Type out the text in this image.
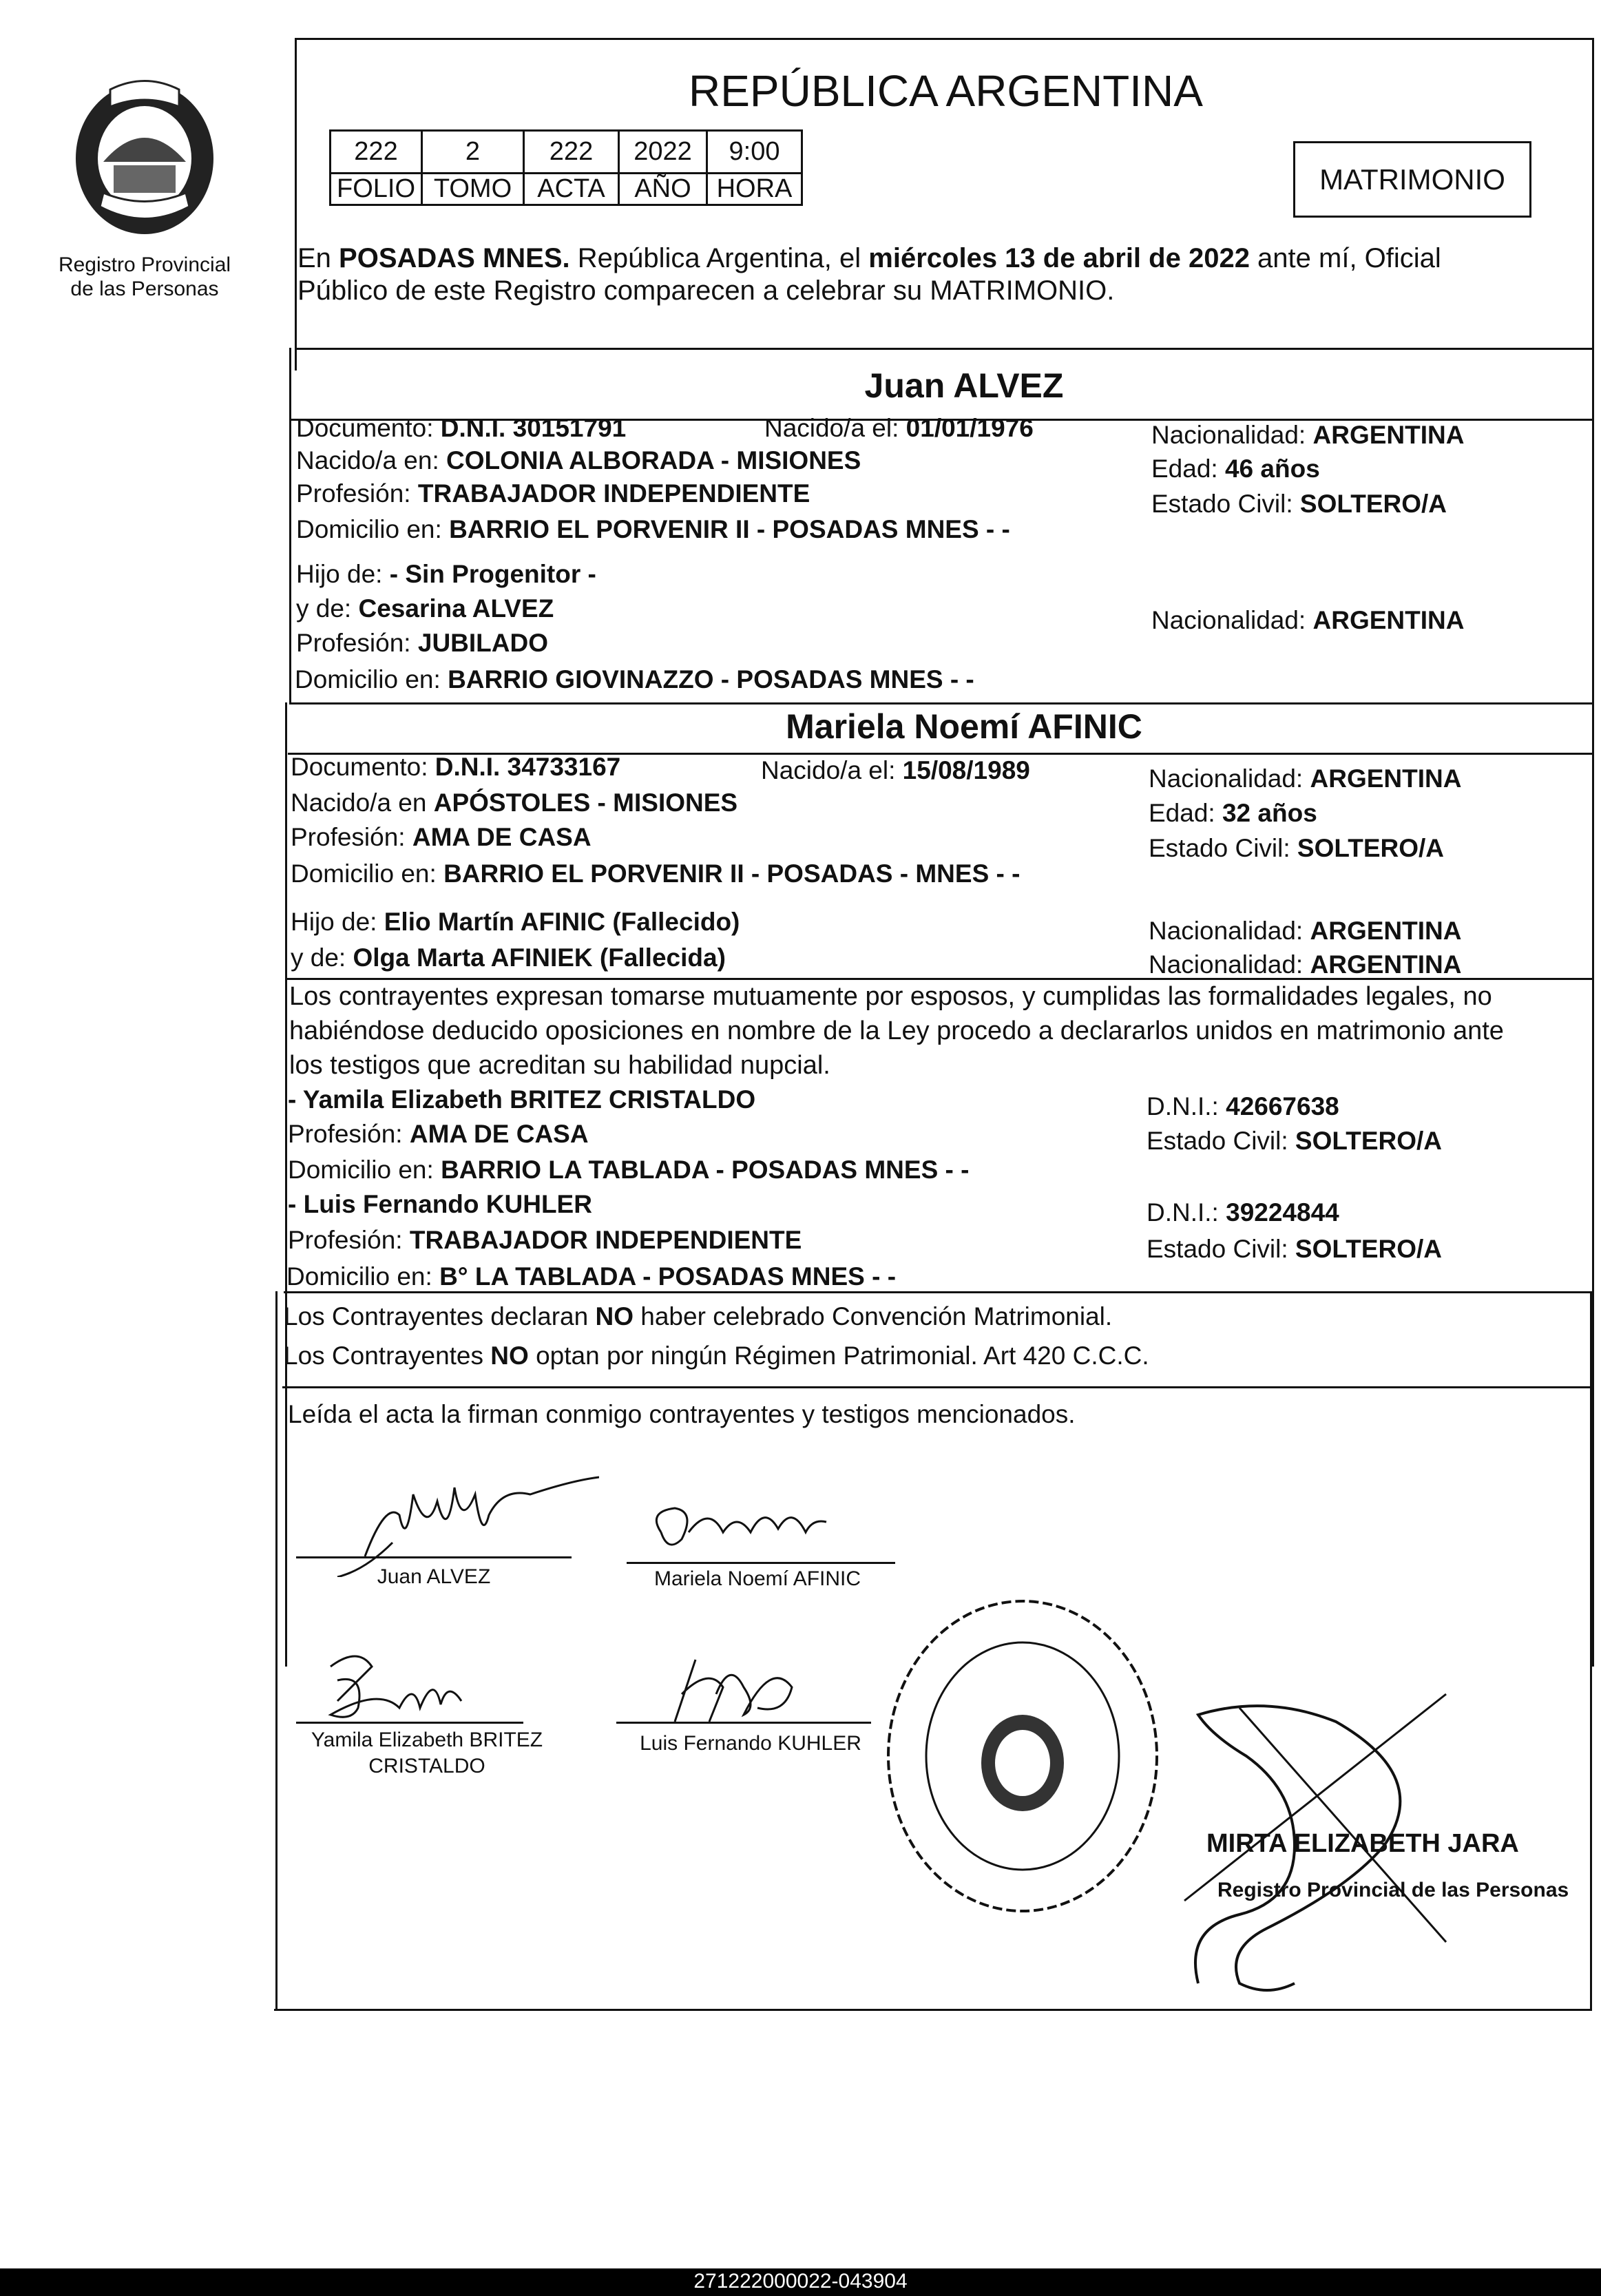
Registro Provincial
de las Personas
REPÚBLICA ARGENTINA
222	2	222	2022	9:00
FOLIO	TOMO	ACTA	AÑO	HORA	MATRIMONIO
En POSADAS MNES. República Argentina, el miércoles 13 de abril de 2022 ante mí, Oficial
Público de este Registro comparecen a celebrar su MATRIMONIO.
Juan ALVEZ
Documento: D.N.I. 30151791	Nacido/a el: 01/01/1976
Nacido/a en: COLONIA ALBORADA - MISIONES
Profesión: TRABAJADOR INDEPENDIENTE
Domicilio en: BARRIO EL PORVENIR II - POSADAS MNES - -
Nacionalidad: ARGENTINA
Edad: 46 años
Estado Civil: SOLTERO/A
Hijo de: - Sin Progenitor -
y de: Cesarina ALVEZ	Nacionalidad: ARGENTINA
Profesión: JUBILADO
Domicilio en: BARRIO GIOVINAZZO - POSADAS MNES - -
Mariela Noemí AFINIC
Documento: D.N.I. 34733167	Nacido/a el: 15/08/1989
Nacido/a en APÓSTOLES - MISIONES
Profesión: AMA DE CASA
Domicilio en: BARRIO EL PORVENIR II - POSADAS - MNES - -
Nacionalidad: ARGENTINA
Edad: 32 años
Estado Civil: SOLTERO/A
Hijo de: Elio Martín AFINIC (Fallecido)	Nacionalidad: ARGENTINA
y de: Olga Marta AFINIEK (Fallecida)	Nacionalidad: ARGENTINA
Los contrayentes expresan tomarse mutuamente por esposos, y cumplidas las formalidades legales, no
habiéndose deducido oposiciones en nombre de la Ley procedo a declararlos unidos en matrimonio ante
los testigos que acreditan su habilidad nupcial.
- Yamila Elizabeth BRITEZ CRISTALDO
Profesión: AMA DE CASA
Domicilio en: BARRIO LA TABLADA - POSADAS MNES - -
D.N.I.: 42667638
Estado Civil: SOLTERO/A
- Luis Fernando KUHLER
Profesión: TRABAJADOR INDEPENDIENTE
Domicilio en: B° LA TABLADA - POSADAS MNES - -
D.N.I.: 39224844
Estado Civil: SOLTERO/A
Los Contrayentes declaran NO haber celebrado Convención Matrimonial.
Los Contrayentes NO optan por ningún Régimen Patrimonial. Art 420 C.C.C.
Leída el acta la firman conmigo contrayentes y testigos mencionados.
Juan ALVEZ	Mariela Noemí AFINIC
Yamila Elizabeth BRITEZ
CRISTALDO
Luis Fernando KUHLER
MIRTA ELIZABETH JARA
Registro Provincial de las Personas
271222000022-043904
